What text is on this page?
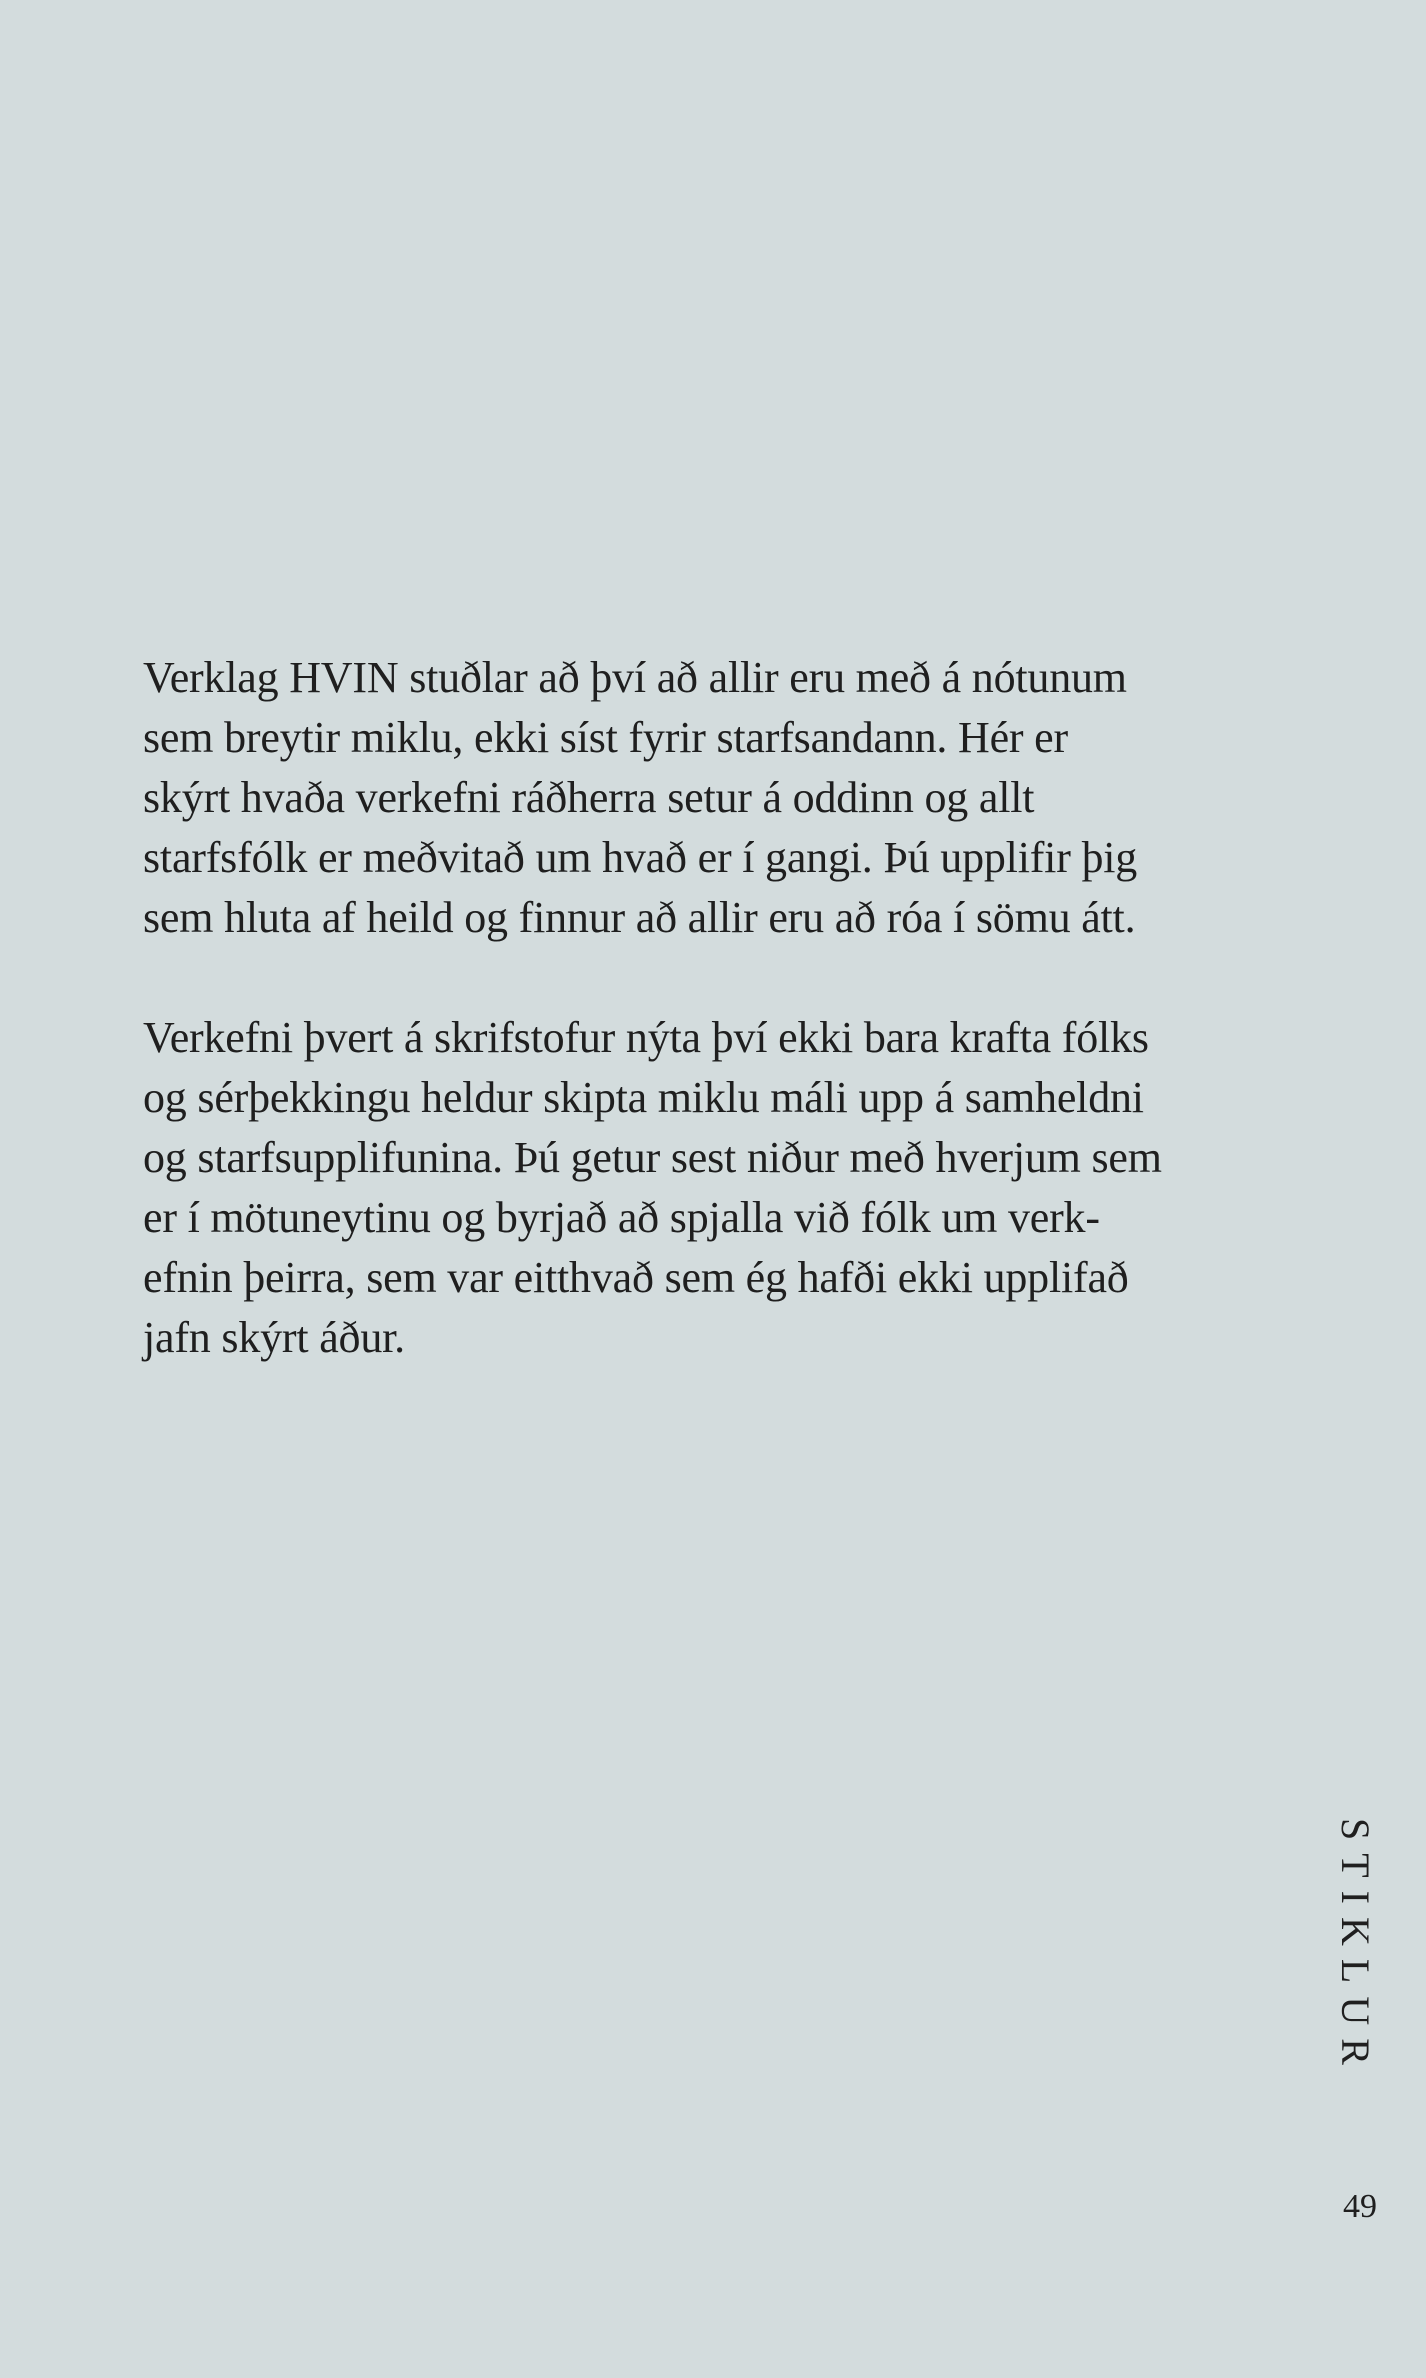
Verklag HVIN stuðlar að því að allir eru með á nótunum
sem breytir miklu, ekki síst fyrir starfsandann. Hér er
skýrt hvaða verkefni ráðherra setur á oddinn og allt
starfsfólk er meðvitað um hvað er í gangi. Þú upplifir þig
sem hluta af heild og finnur að allir eru að róa í sömu átt.

Verkefni þvert á skrifstofur nýta því ekki bara krafta fólks
og sérþekkingu heldur skipta miklu máli upp á samheldni
og starfsupplifunina. Þú getur sest niður með hverjum sem
er í mötuneytinu og byrjað að spjalla við fólk um verk-
efnin þeirra, sem var eitthvað sem ég hafði ekki upplifað
jafn skýrt áður.

STIKLUR
49
